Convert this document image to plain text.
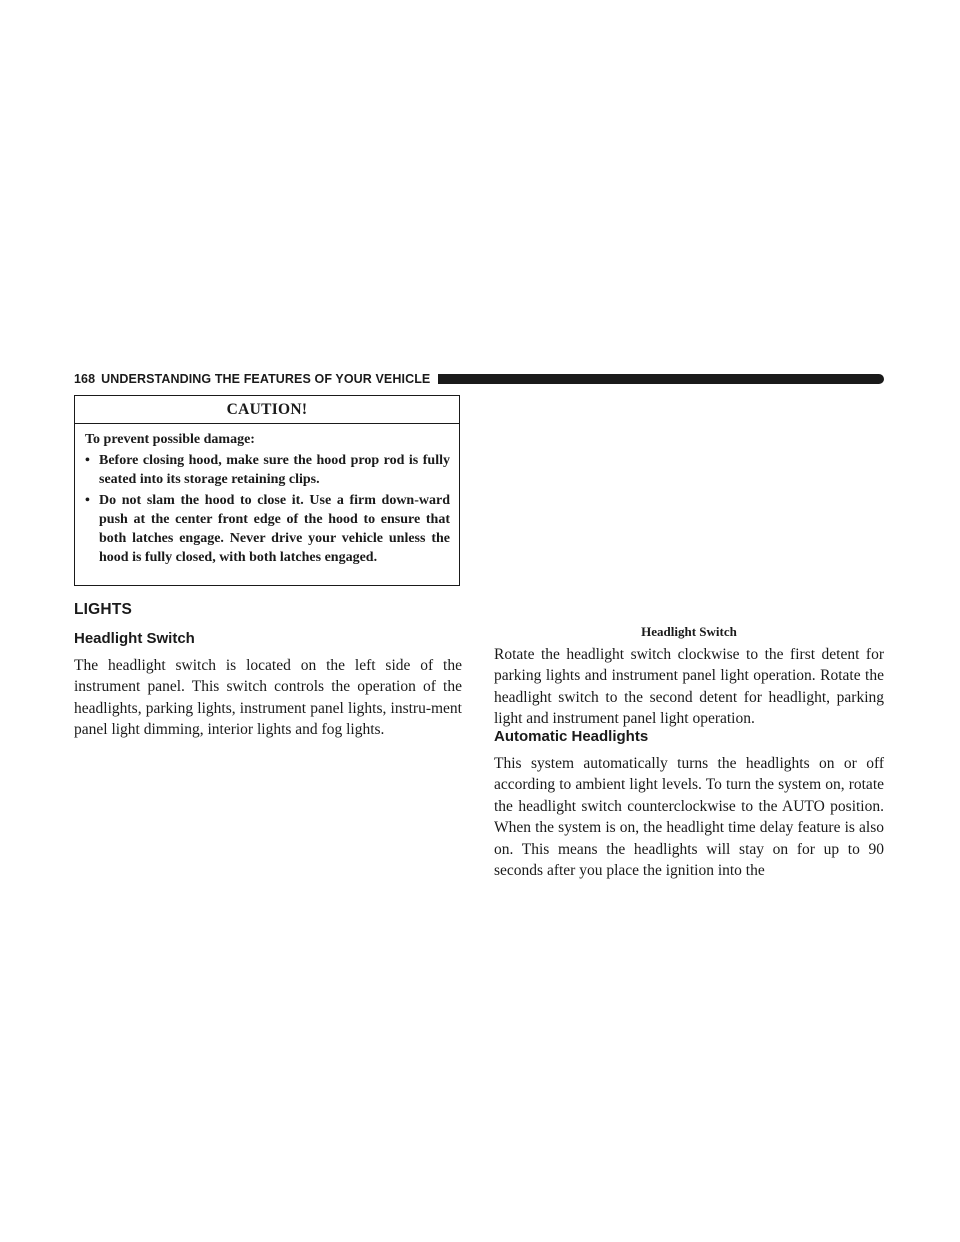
168 UNDERSTANDING THE FEATURES OF YOUR VEHICLE
CAUTION!

To prevent possible damage:

• Before closing hood, make sure the hood prop rod is fully seated into its storage retaining clips.
• Do not slam the hood to close it. Use a firm down-ward push at the center front edge of the hood to ensure that both latches engage. Never drive your vehicle unless the hood is fully closed, with both latches engaged.
LIGHTS
Headlight Switch

The headlight switch is located on the left side of the instrument panel. This switch controls the operation of the headlights, parking lights, instrument panel lights, instru-ment panel light dimming, interior lights and fog lights.

Headlight Switch

Rotate the headlight switch clockwise to the first detent for parking lights and instrument panel light operation. Rotate the headlight switch to the second detent for headlight, parking light and instrument panel light operation.

Automatic Headlights

This system automatically turns the headlights on or off according to ambient light levels. To turn the system on, rotate the headlight switch counterclockwise to the AUTO position. When the system is on, the headlight time delay feature is also on. This means the headlights will stay on for up to 90 seconds after you place the ignition into the
